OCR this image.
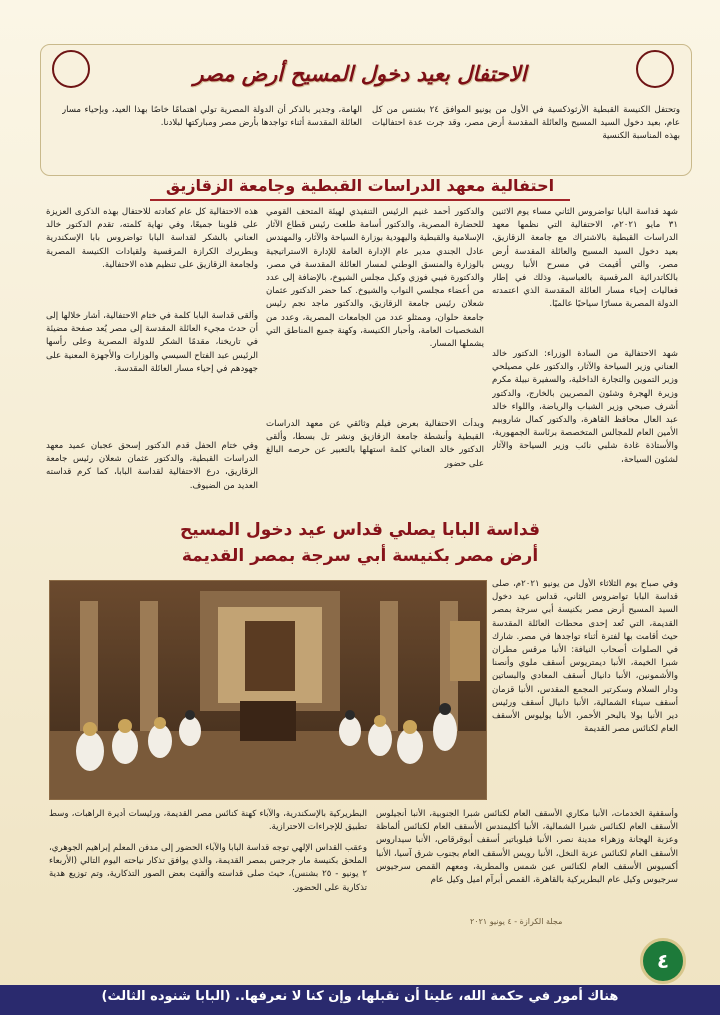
الاحتفال بعيد دخول المسيح أرض مصر

وتحتفل الكنيسة القبطية الأرثوذكسية في الأول من يونيو الموافق ٢٤ بشنس من كل عام، بعيد دخول السيد المسيح والعائلة المقدسة أرض مصر، وقد جرت عدة احتفاليات بهذه المناسبة الكنسية

الهامة، وجدير بالذكر أن الدولة المصرية تولي اهتمامًا خاصًا بهذا العيد، وبإحياء مسار العائلة المقدسة أثناء تواجدها بأرض مصر ومباركتها لبلادنا.

احتفالية معهد الدراسات القبطية وجامعة الزقازيق

شهد قداسة البابا تواضروس الثاني مساء يوم الاثنين ٣١ مايو ٢٠٢١م، الاحتفالية التي نظمها معهد الدراسات القبطية بالاشتراك مع جامعة الزقازيق، بعيد دخول السيد المسيح والعائلة المقدسة أرض مصر، والتي أقيمت في مسرح الأنبا رويس بالكاتدرائية المرقسية بالعباسية، وذلك في إطار فعاليات إحياء مسار العائلة المقدسة الذي اعتمدته الدولة المصرية مسارًا سياحيًا عالميًا.

شهد الاحتفالية من السادة الوزراء: الدكتور خالد العناني وزير السياحة والآثار، والدكتور علي مصيلحي وزير التموين والتجارة الداخلية، والسفيرة نبيلة مكرم وزيرة الهجرة وشئون المصريين بالخارج، والدكتور أشرف صبحي وزير الشباب والرياضة، واللواء خالد عبد العال محافظ القاهرة، والدكتور كمال شاروبيم الأمين العام للمجالس المتخصصة برئاسة الجمهورية، والأستاذة غادة شلبي نائب وزير السياحة والآثار لشئون السياحة،

والدكتور أحمد غنيم الرئيس التنفيذي لهيئة المتحف القومي للحضارة المصرية، والدكتور أسامة طلعت رئيس قطاع الآثار الإسلامية والقبطية واليهودية بوزارة السياحة والآثار، والمهندس عادل الجندي مدير عام الإدارة العامة للإدارة الاستراتيجية بالوزارة والمنسق الوطني لمسار العائلة المقدسة في مصر، والدكتورة فيبي فوزي وكيل مجلس الشيوخ، بالإضافة إلى عدد من أعضاء مجلسي النواب والشيوخ. كما حضر الدكتور عثمان شعلان رئيس جامعة الزقازيق، والدكتور ماجد نجم رئيس جامعة حلوان، وممثلو عدد من الجامعات المصرية، وعدد من الشخصيات العامة، وأحبار الكنيسة، وكهنة جميع المناطق التي يشملها المسار.

وبدأت الاحتفالية بعرض فيلم وثائقي عن معهد الدراسات القبطية وأنشطة جامعة الزقازيق ونشر تل بسطا، وألقى الدكتور خالد العناني كلمة استهلها بالتعبير عن حرصه البالغ على حضور

هذه الاحتفالية كل عام كعادته للاحتفال بهذه الذكرى العزيزة على قلوبنا جميعًا، وفي نهاية كلمته، تقدم الدكتور خالد العناني بالشكر لقداسة البابا تواضروس بابا الإسكندرية وبطريرك الكرازة المرقسية ولقيادات الكنيسة المصرية ولجامعة الزقازيق على تنظيم هذه الاحتفالية.

وألقى قداسة البابا كلمة في ختام الاحتفالية، أشار خلالها إلى أن حدث مجيء العائلة المقدسة إلى مصر يُعد صفحة مضيئة في تاريخنا، مقدمًا الشكر للدولة المصرية وعلى رأسها الرئيس عبد الفتاح السيسي والوزارات والأجهزة المعنية على جهودهم في إحياء مسار العائلة المقدسة.

وفي ختام الحفل قدم الدكتور إسحق عجبان عميد معهد الدراسات القبطية، والدكتور عثمان شعلان رئيس جامعة الزقازيق، درع الاحتفالية لقداسة البابا، كما كرم قداسته العديد من الضيوف.

قداسة البابا يصلي قداس عيد دخول المسيح
أرض مصر بكنيسة أبي سرجة بمصر القديمة

وفي صباح يوم الثلاثاء الأول من يونيو ٢٠٢١م، صلى قداسة البابا تواضروس الثاني، قداس عيد دخول السيد المسيح أرض مصر بكنيسة أبي سرجة بمصر القديمة، التي تُعد إحدى محطات العائلة المقدسة حيث أقامت بها لفترة أثناء تواجدها في مصر. شارك في الصلوات أصحاب النيافة: الأنبا مرقس مطران شبرا الخيمة، الأنبا ديمتريوس أسقف ملوي وأنصنا والأشمونين، الأنبا دانيال أسقف المعادي والبساتين ودار السلام وسكرتير المجمع المقدس، الأنبا قزمان أسقف سيناء الشمالية، الأنبا دانيال أسقف ورئيس دير الأنبا بولا بالبحر الأحمر، الأنبا يوليوس الأسقف العام لكنائس مصر القديمة

وأسقفية الخدمات، الأنبا مكاري الأسقف العام لكنائس شبرا الجنوبية، الأنبا أنجيلوس الأسقف العام لكنائس شبرا الشمالية، الأنبا أكليمندس الأسقف العام لكنائس ألماظة وعزبة الهجانة وزهراء مدينة نصر، الأنبا فيلوباتير أسقف أبوقرقاص، الأنبا سيداروس الأسقف العام لكنائس عزبة النخل، الأنبا رويس الأسقف العام بجنوب شرق آسيا، الأنبا أكسيوس الأسقف العام لكنائس عين شمس والمطرية، ومعهم القمص سرجيوس سرجيوس وكيل عام البطريركية بالقاهرة، القمص أبرآم اميل وكيل عام

البطريركية بالإسكندرية، والآباء كهنة كنائس مصر القديمة، ورئيسات أديرة الراهبات، وسط تطبيق للإجراءات الاحترازية.

وعقب القداس الإلهي توجه قداسة البابا والآباء الحضور إلى مدفن المعلم إبراهيم الجوهري، الملحق بكنيسة مار جرجس بمصر القديمة، والذي يوافق تذكار نياحته اليوم التالي (الأربعاء ٢ يونيو - ٢٥ بشنس)، حيث صلى قداسته وألقيت بعض الصور التذكارية، وتم توزيع هدية تذكارية على الحضور.

مجلة الكرازة - ٤ يونيو ٢٠٢١
٤
هناك أمور في حكمة الله، علينا أن نقبلها، وإن كنا لا نعرفها.. (البابا شنوده الثالث)
